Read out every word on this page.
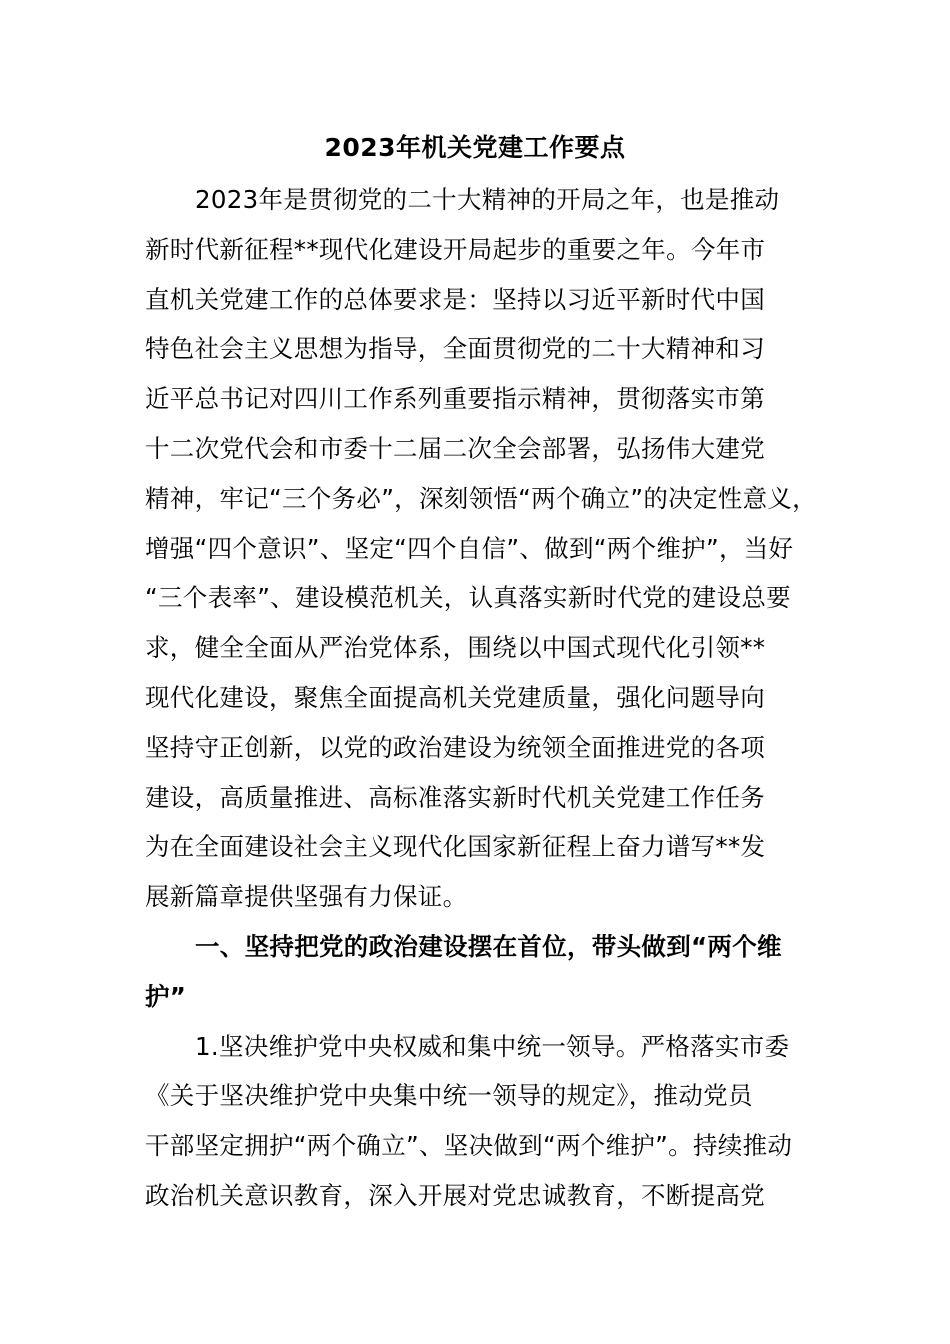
2023年机关党建工作要点
2023年是贯彻党的二十大精神的开局之年，也是推动
新时代新征程**现代化建设开局起步的重要之年。今年市
直机关党建工作的总体要求是：坚持以习近平新时代中国
特色社会主义思想为指导，全面贯彻党的二十大精神和习
近平总书记对四川工作系列重要指示精神，贯彻落实市第
十二次党代会和市委十二届二次全会部署，弘扬伟大建党
精神，牢记“三个务必”，深刻领悟“两个确立”的决定性意义，
增强“四个意识”、坚定“四个自信”、做到“两个维护”，当好
“三个表率”、建设模范机关，认真落实新时代党的建设总要
求，健全全面从严治党体系，围绕以中国式现代化引领**
现代化建设，聚焦全面提高机关党建质量，强化问题导向
坚持守正创新，以党的政治建设为统领全面推进党的各项
建设，高质量推进、高标准落实新时代机关党建工作任务
为在全面建设社会主义现代化国家新征程上奋力谱写**发
展新篇章提供坚强有力保证。
一、坚持把党的政治建设摆在首位，带头做到“两个维
护”
1.坚决维护党中央权威和集中统一领导。严格落实市委
《关于坚决维护党中央集中统一领导的规定》，推动党员
干部坚定拥护“两个确立”、坚决做到“两个维护”。持续推动
政治机关意识教育，深入开展对党忠诚教育，不断提高党
